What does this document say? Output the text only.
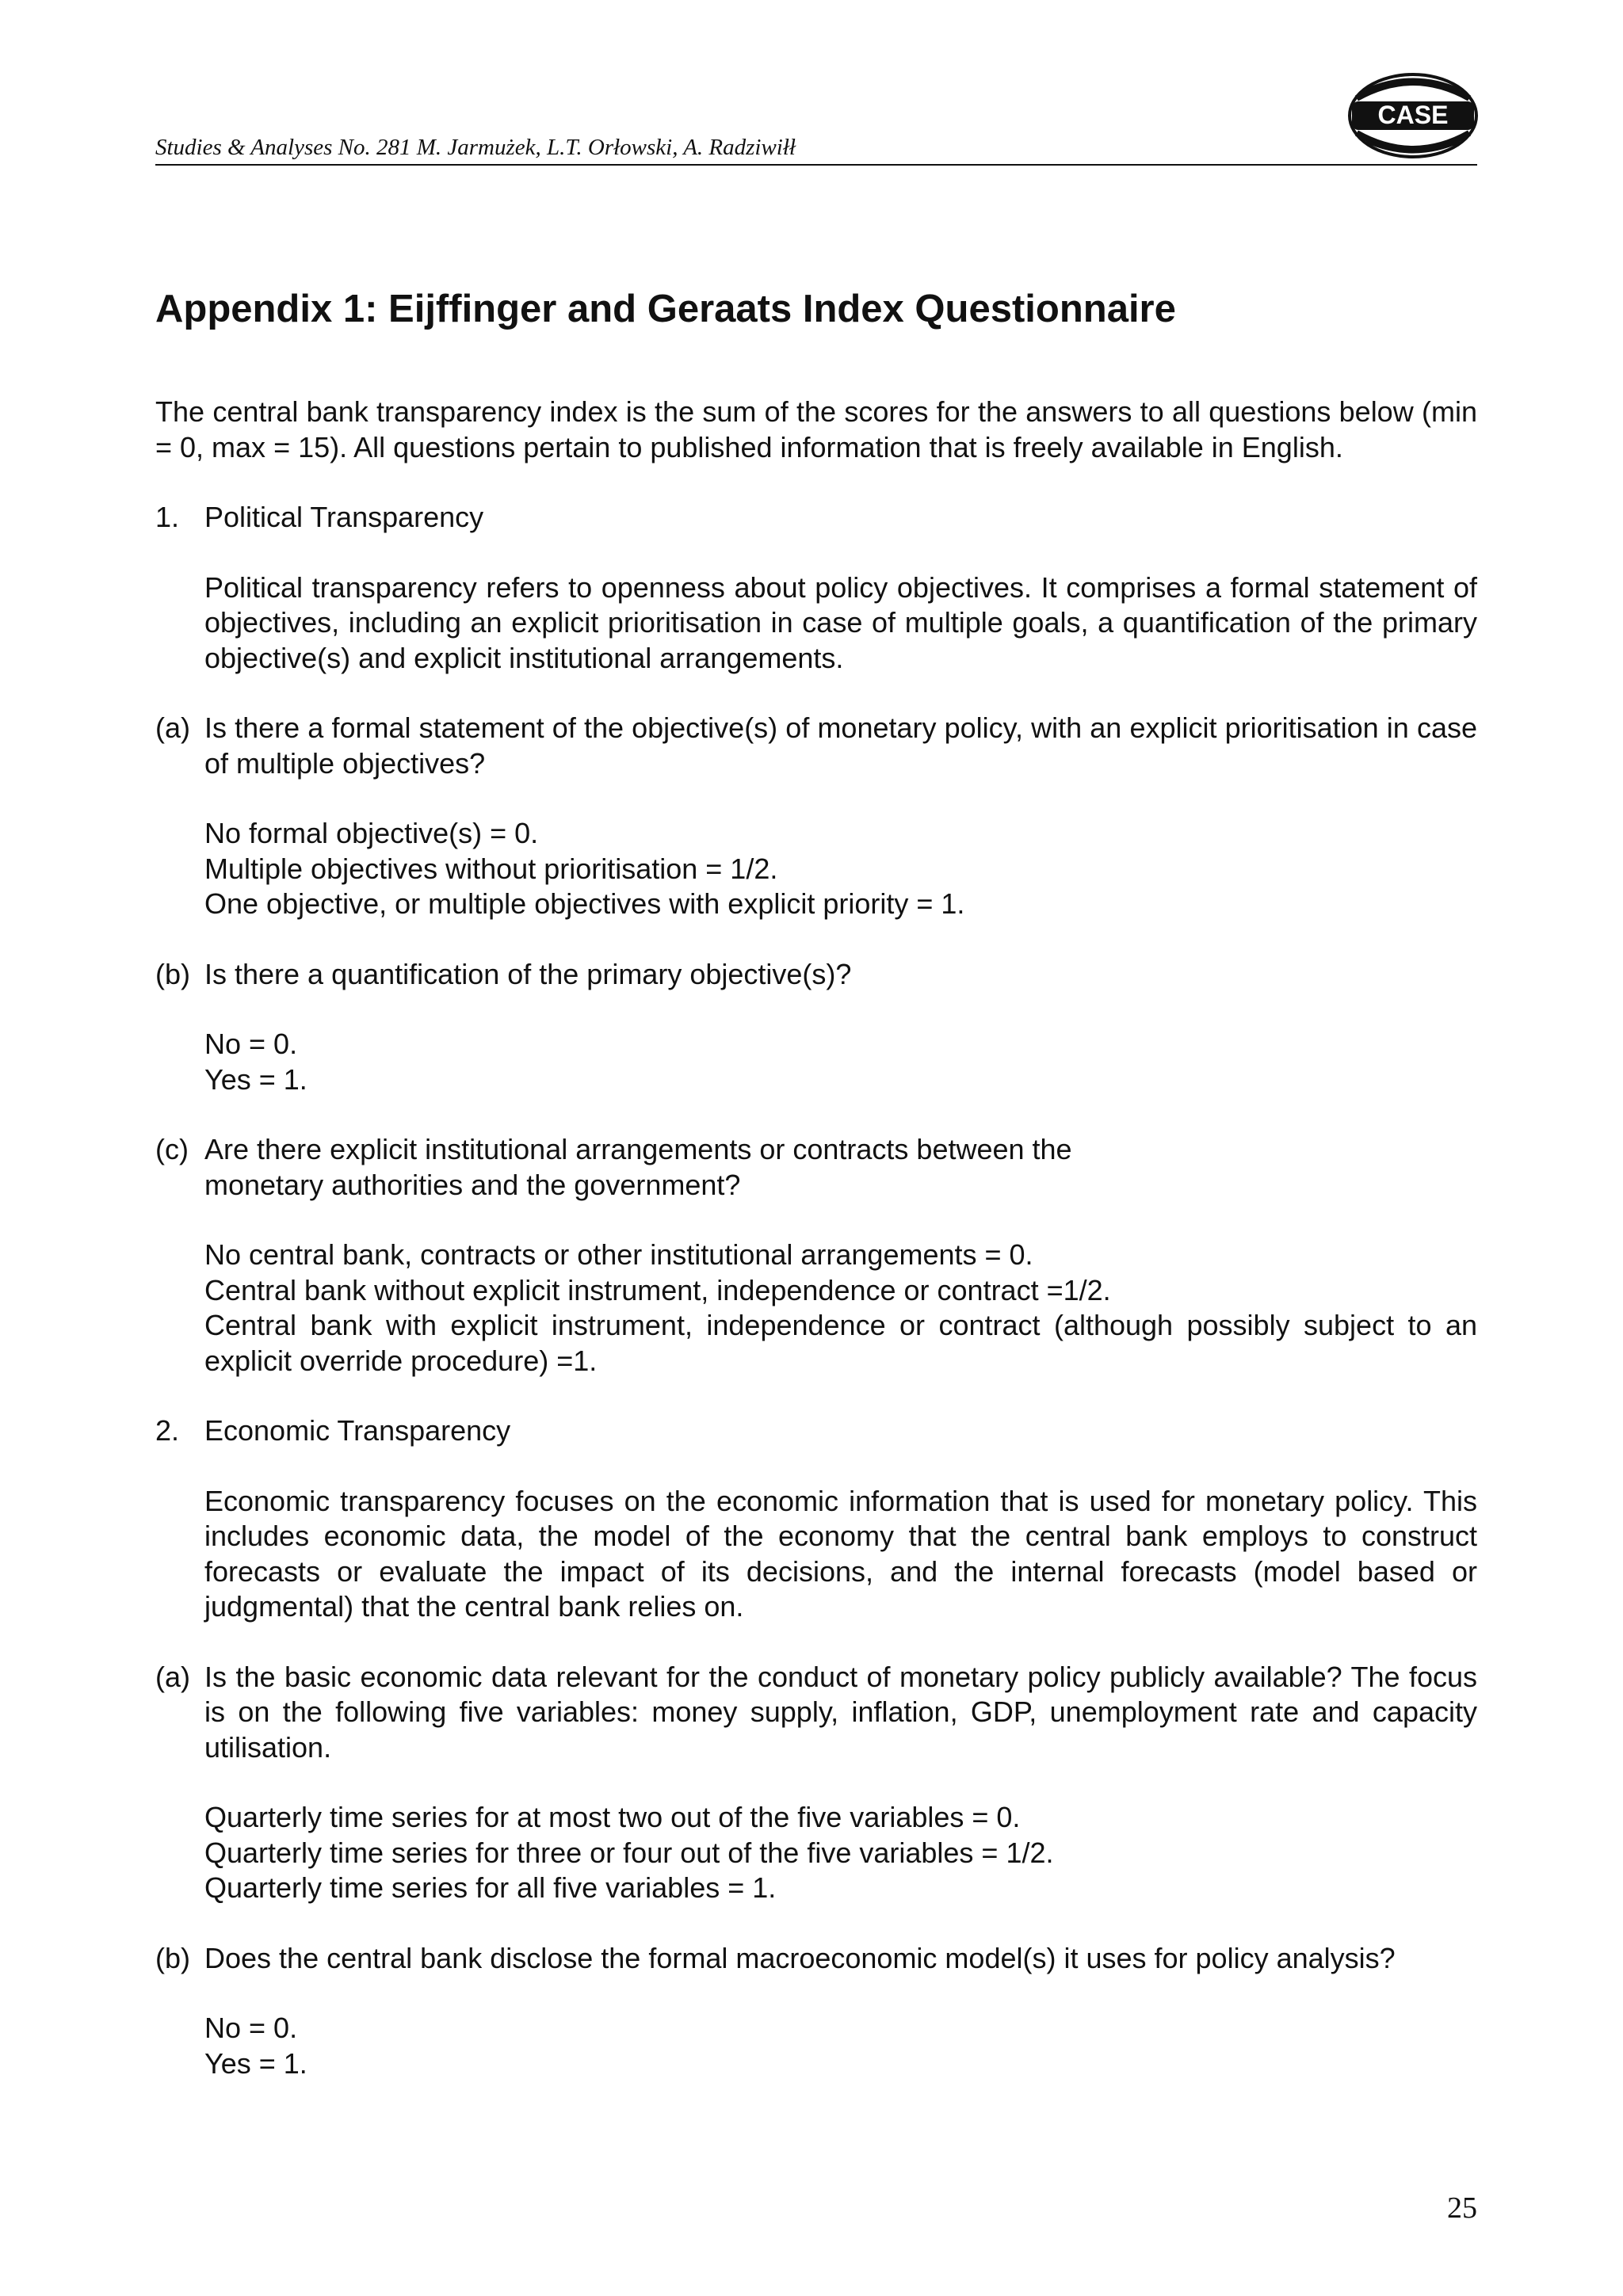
Studies & Analyses No. 281 M. Jarmużek, L.T. Orłowski, A. Radziwiłł
CASE
Appendix 1: Eijffinger and Geraats Index Questionnaire

The central bank transparency index is the sum of the scores for the answers to all questions below (min = 0, max = 15). All questions pertain to published information that is freely available in English.

1. Political Transparency

Political transparency refers to openness about policy objectives. It comprises a formal statement of objectives, including an explicit prioritisation in case of multiple goals, a quantification of the primary objective(s) and explicit institutional arrangements.

(a) Is there a formal statement of the objective(s) of monetary policy, with an explicit prioritisation in case of multiple objectives?
No formal objective(s) = 0.
Multiple objectives without prioritisation = 1/2.
One objective, or multiple objectives with explicit priority = 1.
(b) Is there a quantification of the primary objective(s)?
No = 0.
Yes = 1.
(c) Are there explicit institutional arrangements or contracts between the
monetary authorities and the government?
No central bank, contracts or other institutional arrangements = 0.
Central bank without explicit instrument, independence or contract =1/2.

Central bank with explicit instrument, independence or contract (although possibly subject to an explicit override procedure) =1.

2. Economic Transparency

Economic transparency focuses on the economic information that is used for monetary policy. This includes economic data, the model of the economy that the central bank employs to construct forecasts or evaluate the impact of its decisions, and the internal forecasts (model based or judgmental) that the central bank relies on.

(a) Is the basic economic data relevant for the conduct of monetary policy publicly available? The focus is on the following five variables: money supply, inflation, GDP, unemployment rate and capacity utilisation.
Quarterly time series for at most two out of the five variables = 0.
Quarterly time series for three or four out of the five variables = 1/2.
Quarterly time series for all five variables = 1.
(b) Does the central bank disclose the formal macroeconomic model(s) it uses for policy analysis?
No = 0.
Yes = 1.
25
